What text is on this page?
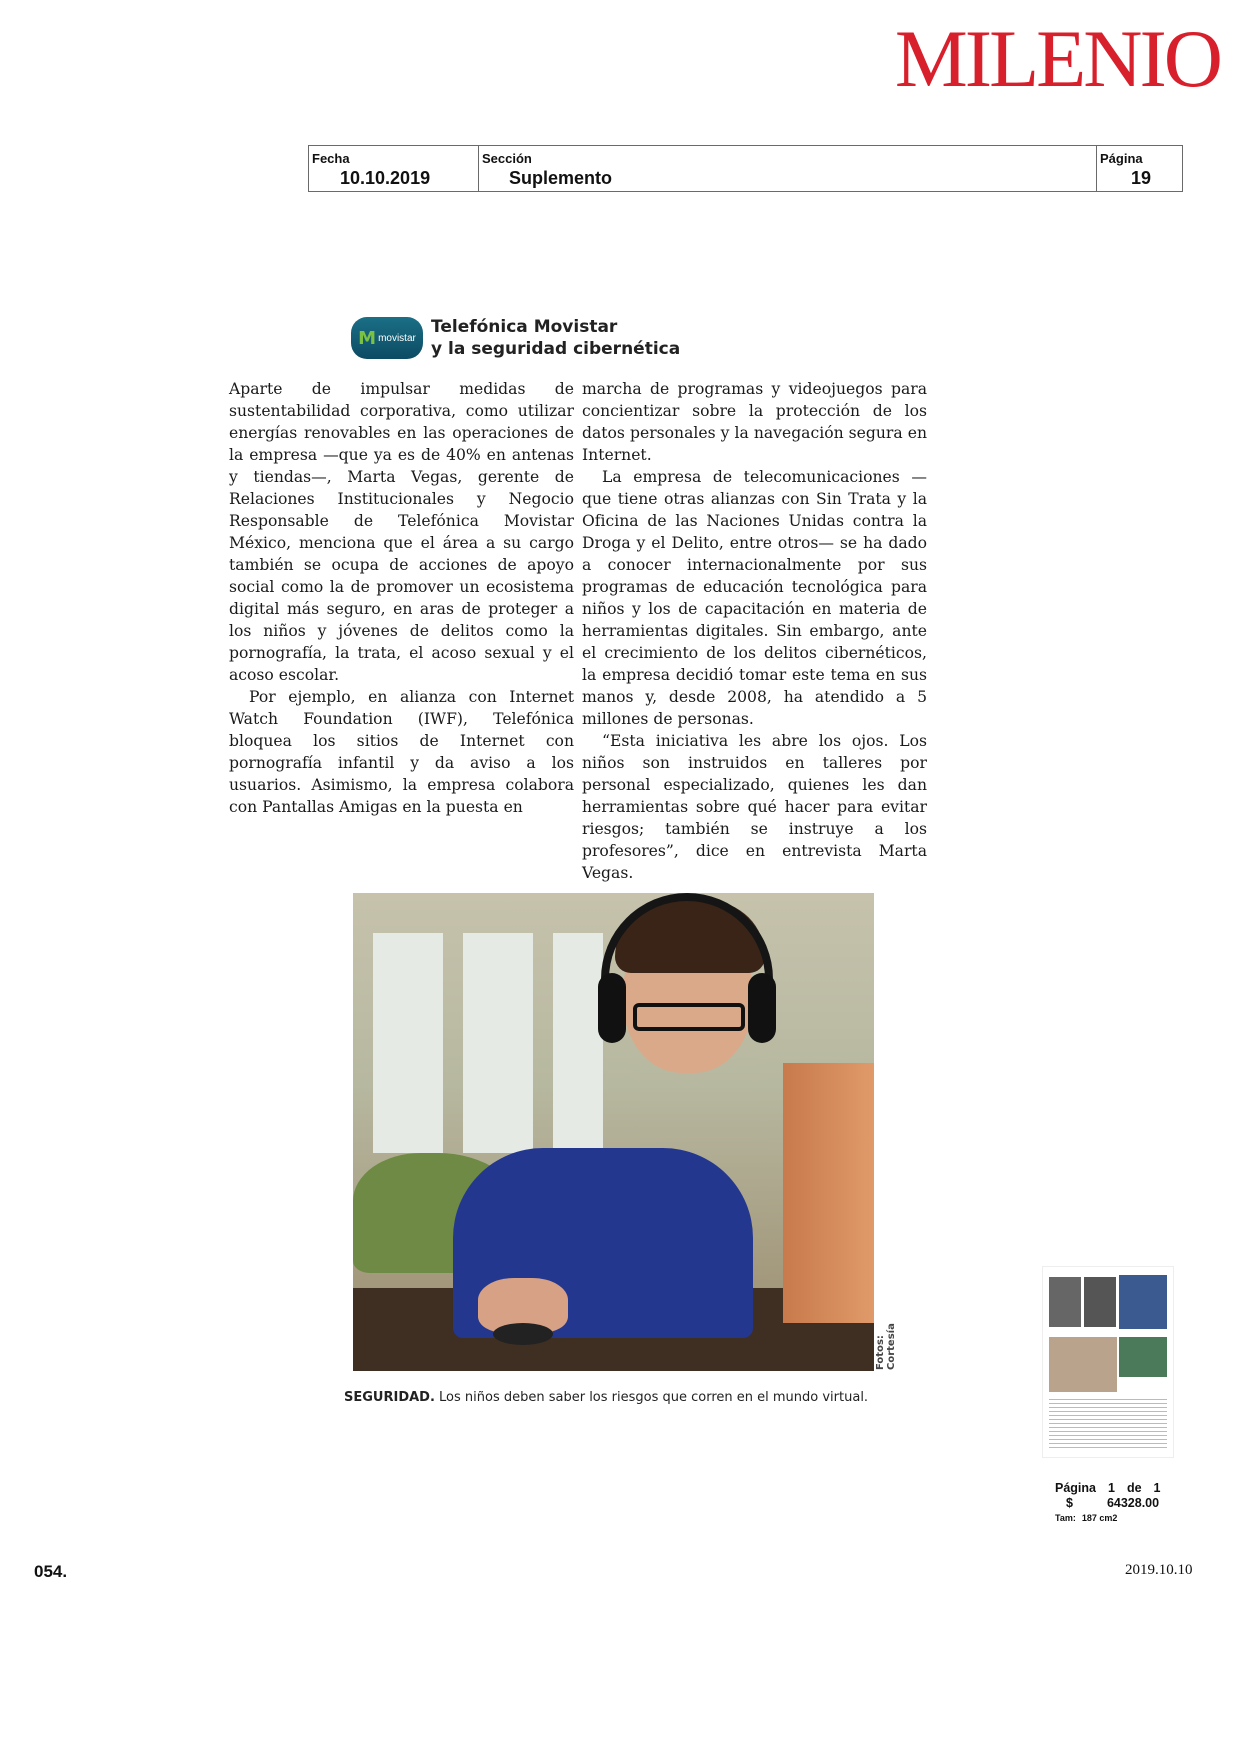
MILENIO
Fecha
10.10.2019
Sección
Suplemento
Página
19
M movistar
Telefónica Movistar
y la seguridad cibernética

Aparte de impulsar medidas de sustentabilidad corporativa, como utilizar energías renovables en las operaciones de la empresa —que ya es de 40% en antenas y tiendas—, Marta Vegas, gerente de Relaciones Institucionales y Negocio Responsable de Telefónica Movistar México, menciona que el área a su cargo también se ocupa de acciones de apoyo social como la de promover un ecosistema digital más seguro, en aras de proteger a los niños y jóvenes de delitos como la pornografía, la trata, el acoso sexual y el acoso escolar.

Por ejemplo, en alianza con Internet Watch Foundation (IWF), Telefónica bloquea los sitios de Internet con pornografía infantil y da aviso a los usuarios. Asimismo, la empresa colabora con Pantallas Amigas en la puesta en

marcha de programas y videojuegos para concientizar sobre la protección de los datos personales y la navegación segura en Internet.

La empresa de telecomunicaciones —que tiene otras alianzas con Sin Trata y la Oficina de las Naciones Unidas contra la Droga y el Delito, entre otros— se ha dado a conocer internacionalmente por sus programas de educación tecnológica para niños y los de capacitación en materia de herramientas digitales. Sin embargo, ante el crecimiento de los delitos cibernéticos, la empresa decidió tomar este tema en sus manos y, desde 2008, ha atendido a 5 millones de personas.

“Esta iniciativa les abre los ojos. Los niños son instruidos en talleres por personal especializado, quienes les dan herramientas sobre qué hacer para evitar riesgos; también se instruye a los profesores”, dice en entrevista Marta Vegas.

Fotos: Cortesía
SEGURIDAD. Los niños deben saber los riesgos que corren en el mundo virtual.
Página 1 de 1
$	64328.00
Tam: 187 cm2
054.	2019.10.10
